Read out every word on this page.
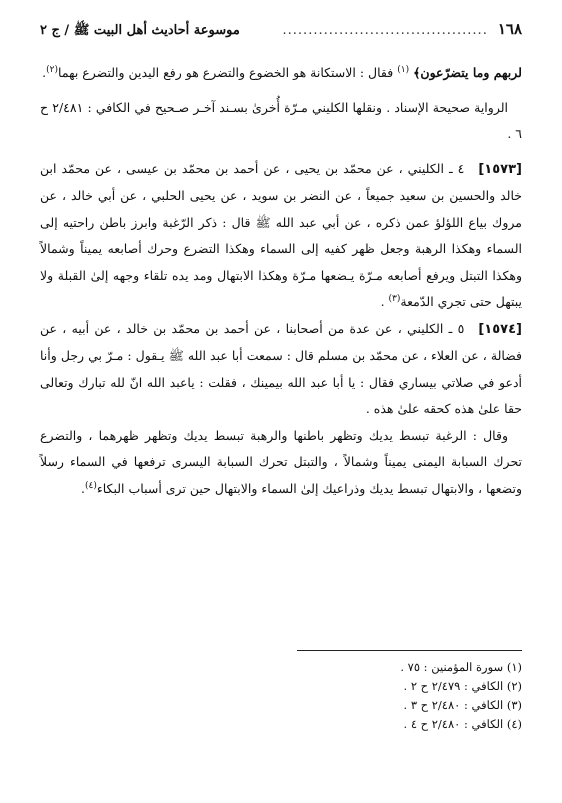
١٦٨
........................................
موسوعة أحاديث أهل البيت ﷺ / ج ٢

لربهم وما يتضرّعون﴾ $^{(١)}$ فقال : الاستكانة هو الخضوع والتضرع هو رفع اليدين والتضرع بهما$^{(٢)}$.

الرواية صحيحة الإسناد . ونقلها الكليني مـرّة أُخرىٰ بسـند آخـر صـحيح في الكافي : ٢/٤٨١ ح ٦ .

[١٥٧٣]٤ ـ الكليني ، عن محمّد بن يحيى ، عن أحمد بن محمّد بن عيسى ، عن محمّد ابن خالد والحسين بن سعيد جميعاً ، عن النضر بن سويد ، عن يحيى الحلبي ، عن أبي خالد ، عن مروك بياع اللؤلؤ عمن ذكره ، عن أبي عبد الله ﷺ قال : ذكر الرّغبة وابرز باطن راحتيه إلى السماء وهكذا الرهبة وجعل ظهر كفيه إلى السماء وهكذا التضرع وحرك أصابعه يميناً وشمالاً وهكذا التبتل ويرفع أصابعه مـرّة يـضعها مـرّة وهكذا الابتهال ومد يده تلقاء وجهه إلىٰ القبلة ولا يبتهل حتى تجري الدّمعة$^{(٣)}$ .

[١٥٧٤]٥ ـ الكليني ، عن عدة من أصحابنا ، عن أحمد بن محمّد بن خالد ، عن أبيه ، عن فضالة ، عن العلاء ، عن محمّد بن مسلم قال : سمعت أبا عبد الله ﷺ يـقول : مـرّ بي رجل وأنا أدعو في صلاتي بيساري فقال : يا أبا عبد الله بيمينك ، فقلت : ياعبد الله انّ لله تبارك وتعالى حقا علىٰ هذه كحقه علىٰ هذه .

وقال : الرغبة تبسط يديك وتظهر باطنها والرهبة تبسط يديك وتظهر ظهرهما ، والتضرع تحرك السبابة اليمنى يميناً وشمالاً ، والتبتل تحرك السبابة اليسرى ترفعها في السماء رسلاً وتضعها ، والابتهال تبسط يديك وذراعيك إلىٰ السماء والابتهال حين ترى أسباب البكاء$^{(٤)}$.

(١) سورة المؤمنين : ٧٥ .

(٢) الكافي : ٢/٤٧٩ ح ٢ .

(٣) الكافي : ٢/٤٨٠ ح ٣ .

(٤) الكافي : ٢/٤٨٠ ح ٤ .
